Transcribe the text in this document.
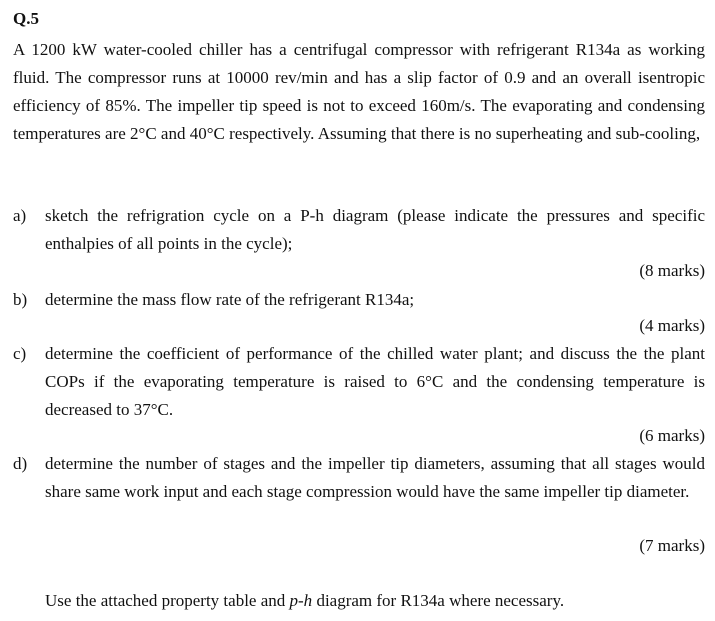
Q.5
A 1200 kW water-cooled chiller has a centrifugal compressor with refrigerant R134a as working fluid. The compressor runs at 10000 rev/min and has a slip factor of 0.9 and an overall isentropic efficiency of 85%. The impeller tip speed is not to exceed 160m/s. The evaporating and condensing temperatures are 2°C and 40°C respectively. Assuming that there is no superheating and sub-cooling,
a) sketch the refrigration cycle on a P-h diagram (please indicate the pressures and specific enthalpies of all points in the cycle);
(8 marks)
b) determine the mass flow rate of the refrigerant R134a;
(4 marks)
c) determine the coefficient of performance of the chilled water plant; and discuss the the plant COPs if the evaporating temperature is raised to 6°C and the condensing temperature is decreased to 37°C.
(6 marks)
d) determine the number of stages and the impeller tip diameters, assuming that all stages would share same work input and each stage compression would have the same impeller tip diameter.
(7 marks)
Use the attached property table and p-h diagram for R134a where necessary.
